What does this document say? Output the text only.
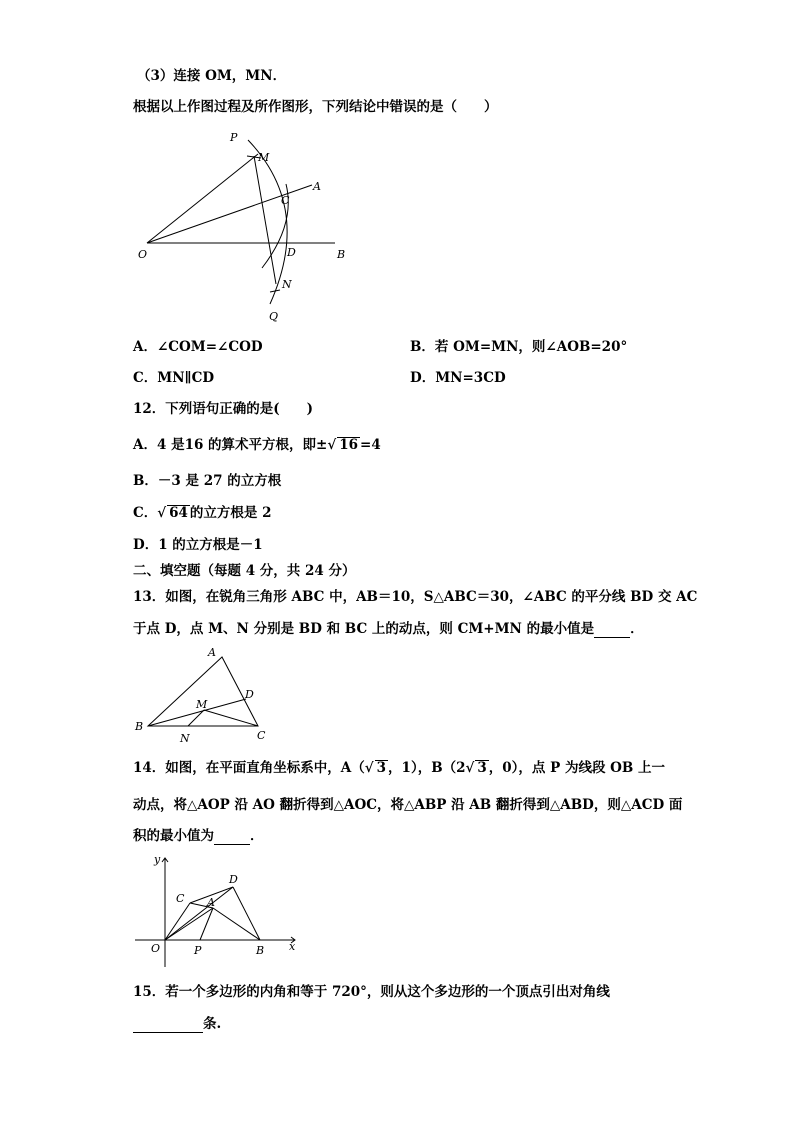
（3）连接 OM，MN．
根据以上作图过程及所作图形，下列结论中错误的是（　　）
P
M
A
C
O	D	B
N
Q
A．∠COM=∠COD	B．若 OM=MN，则∠AOB=20°
C．MN∥CD	D．MN=3CD
12．下列语句正确的是(　　)
A．4 是16 的算术平方根，即±√ 16 =4
B．－3 是 27 的立方根
C．√ 64 的立方根是 2
D．1 的立方根是－1
二、填空题（每题 4 分，共 24 分）
13．如图，在锐角三角形 ABC 中，AB＝10，S△ABC＝30，∠ABC 的平分线 BD 交 AC
于点 D，点 M、N 分别是 BD 和 BC 上的动点，则 CM+MN 的最小值是	．
A
D
M
B
N	C
14．如图，在平面直角坐标系中，A（√ 3 ，1），B（2√ 3 ，0），点 P 为线段 OB 上一
动点，将△AOP 沿 AO 翻折得到△AOC，将△ABP 沿 AB 翻折得到△ABD，则△ACD 面
积的最小值为	．
y
D
C A
O	P	B x
15．若一个多边形的内角和等于 720°，则从这个多边形的一个顶点引出对角线
条.
